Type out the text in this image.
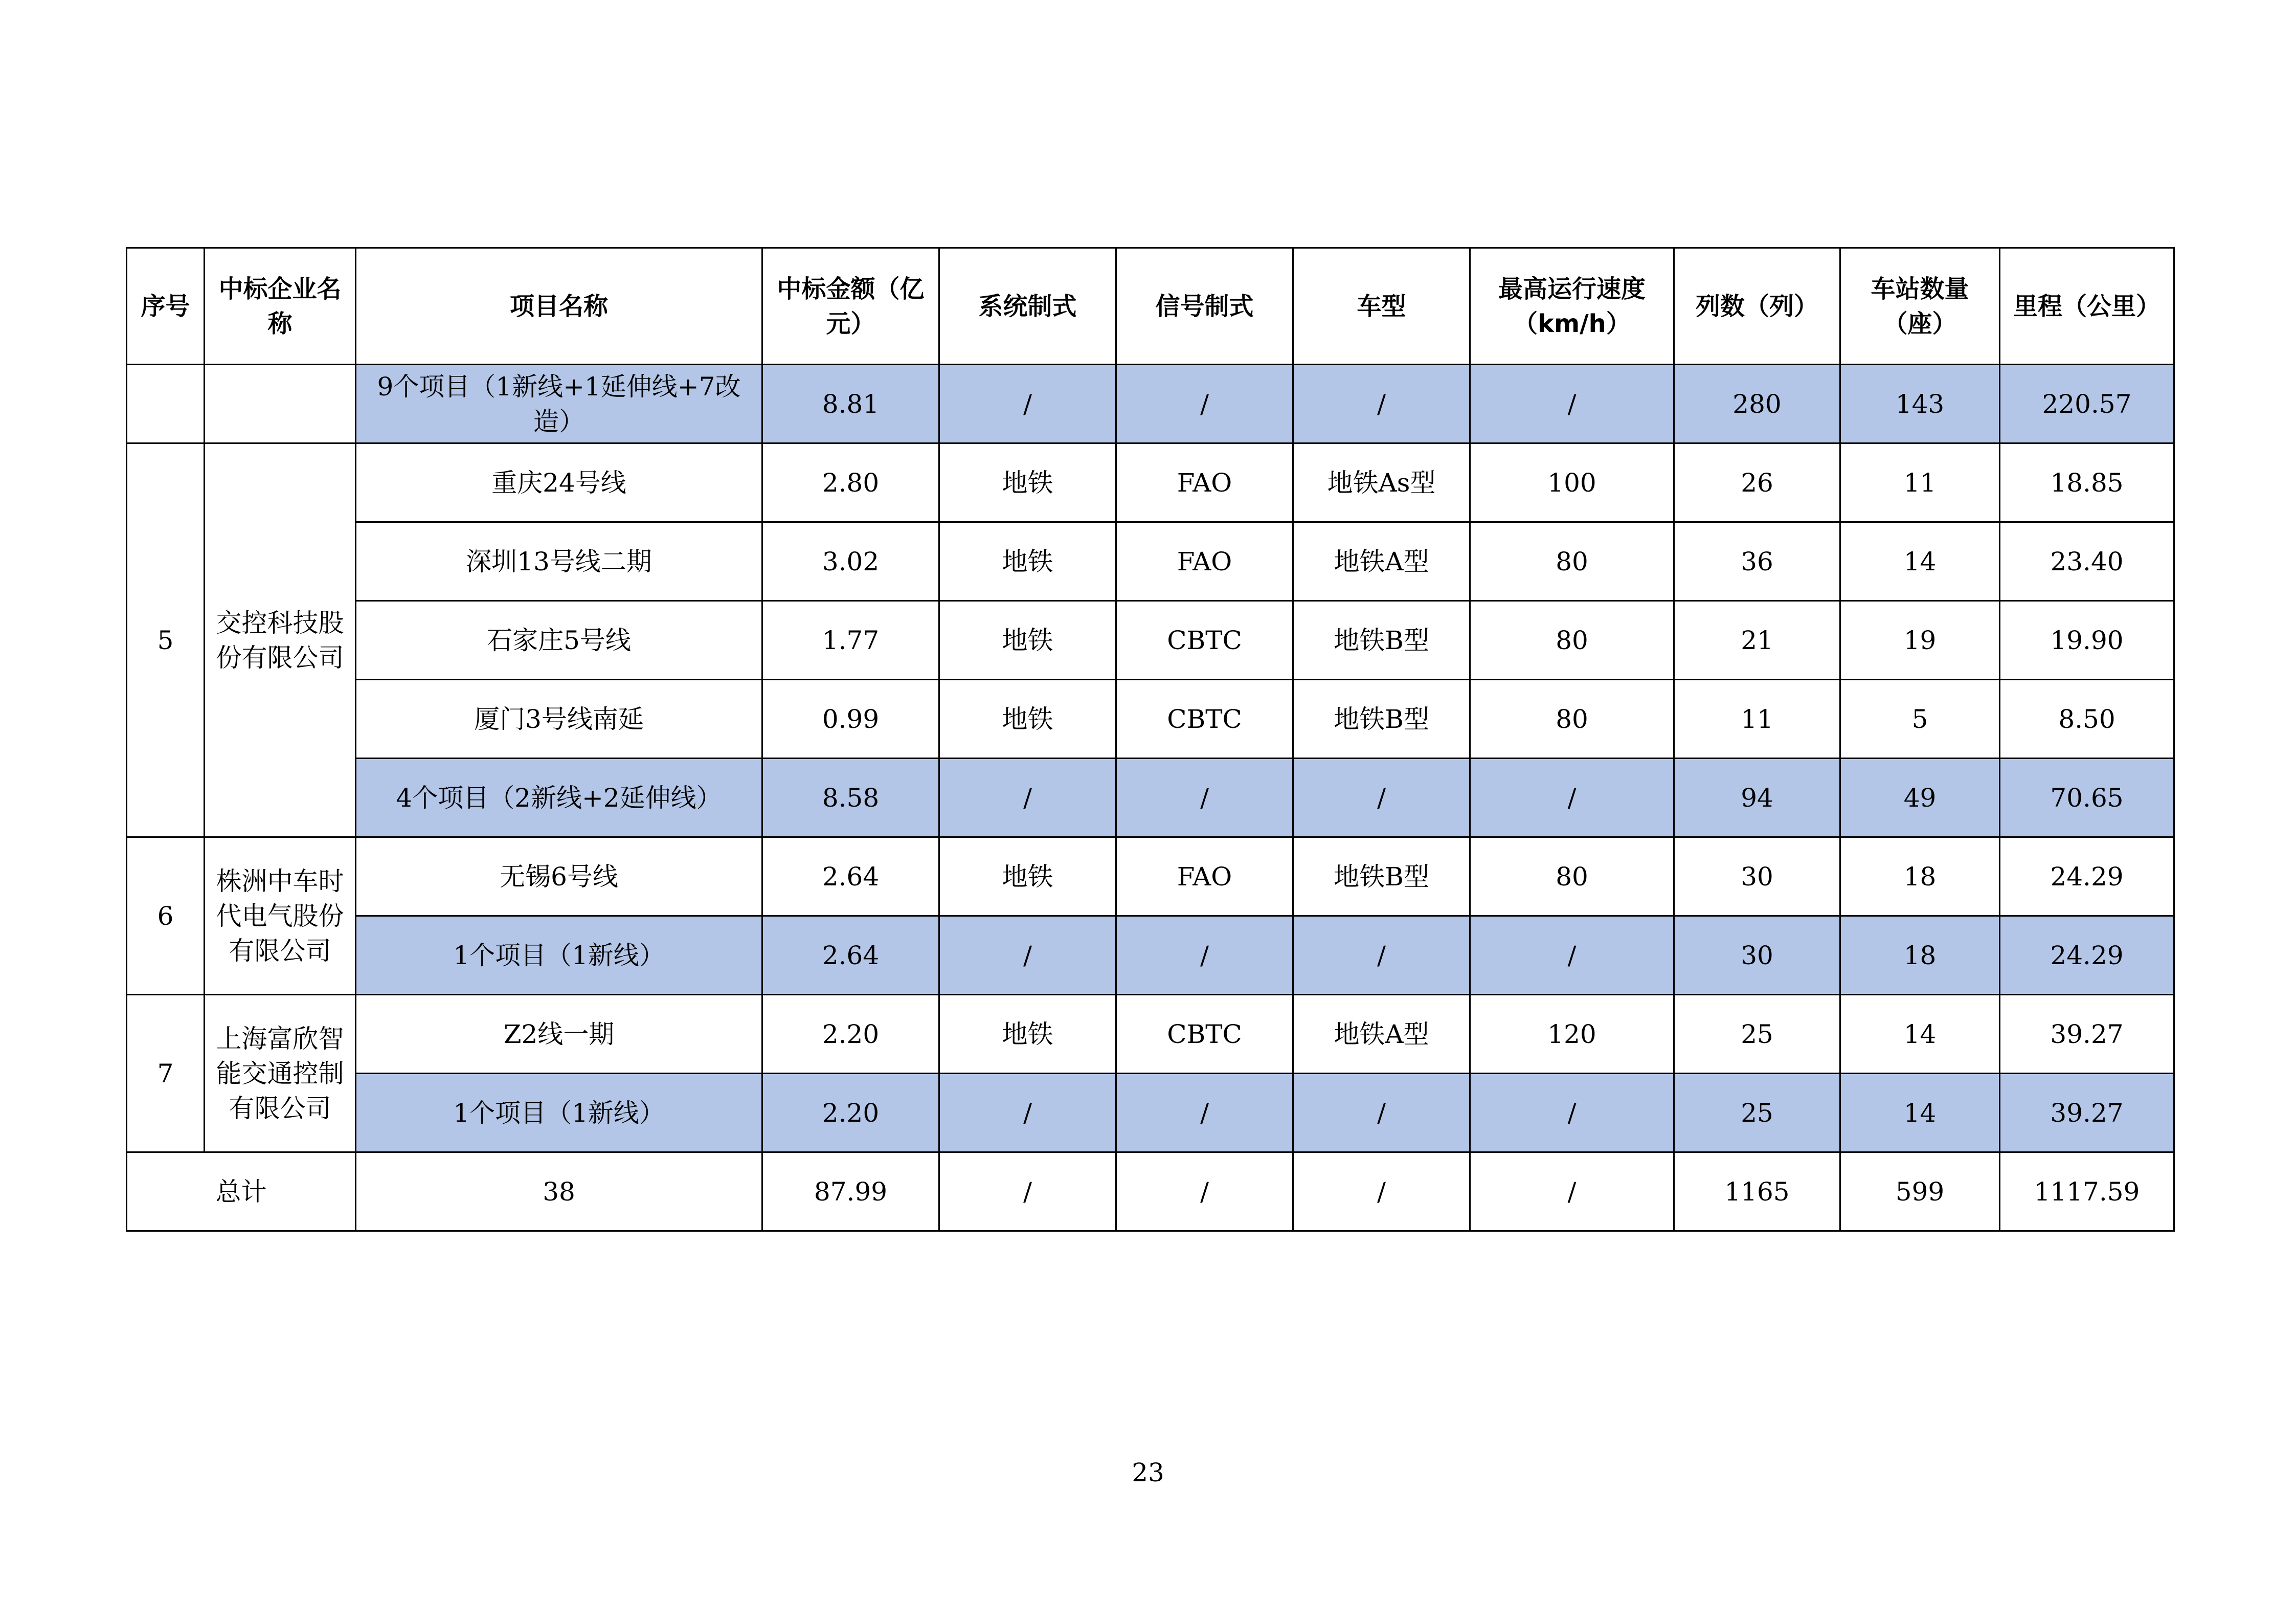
序号	中标企业名称	项目名称	中标金额（亿元）	系统制式	信号制式	车型	最高运行速度（km/h）	列数（列）	车站数量（座）	里程（公里）
		9个项目（1新线+1延伸线+7改造）	8.81	/	/	/	/	280	143	220.57
5	交控科技股份有限公司	重庆24号线	2.80	地铁	FAO	地铁As型	100	26	11	18.85
		深圳13号线二期	3.02	地铁	FAO	地铁A型	80	36	14	23.40
		石家庄5号线	1.77	地铁	CBTC	地铁B型	80	21	19	19.90
		厦门3号线南延	0.99	地铁	CBTC	地铁B型	80	11	5	8.50
		4个项目（2新线+2延伸线）	8.58	/	/	/	/	94	49	70.65
6	株洲中车时代电气股份有限公司	无锡6号线	2.64	地铁	FAO	地铁B型	80	30	18	24.29
		1个项目（1新线）	2.64	/	/	/	/	30	18	24.29
7	上海富欣智能交通控制有限公司	Z2线一期	2.20	地铁	CBTC	地铁A型	120	25	14	39.27
		1个项目（1新线）	2.20	/	/	/	/	25	14	39.27
总计		38	87.99	/	/	/	/	1165	599	1117.59
23
